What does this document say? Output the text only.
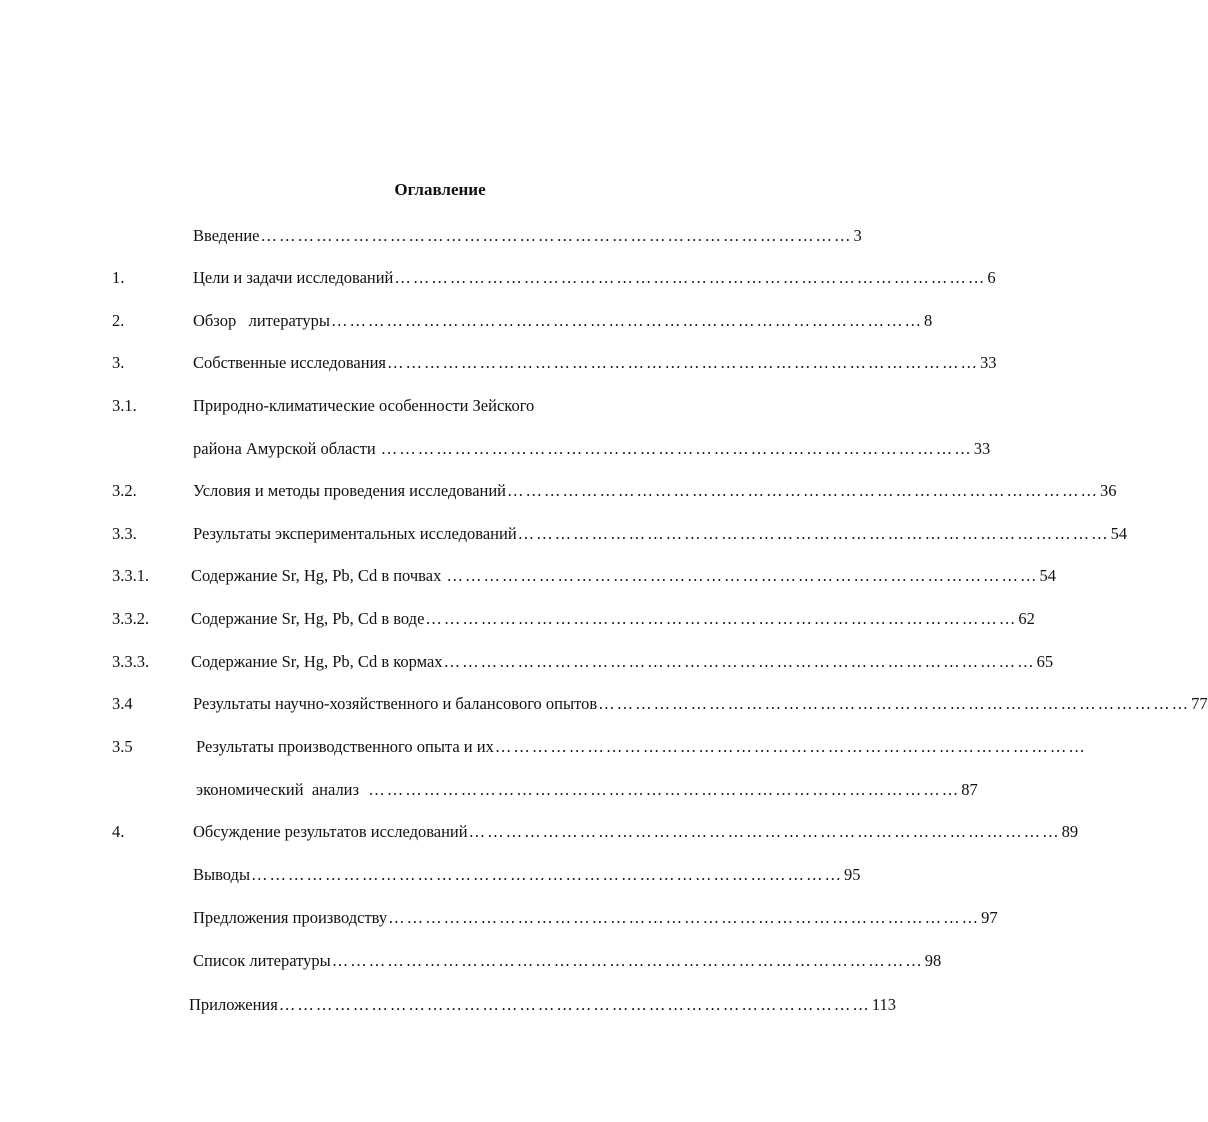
Оглавление
Введение …………………………………………………………………………………… 3
1.	Цели и задачи исследований …………………………………………………………………………………… 6
2.	Обзор   литературы …………………………………………………………………………………… 8
3.	Собственные исследования …………………………………………………………………………………… 33
3.1.	Природно-климатические особенности Зейского
района Амурской области …………………………………………………………………………………… 33
3.2.	Условия и методы проведения исследований …………………………………………………………………………………… 36
3.3.	Результаты экспериментальных исследований …………………………………………………………………………………… 54
3.3.1.	Содержание Sr, Hg, Pb, Cd в почвах …………………………………………………………………………………… 54
3.3.2.	Содержание Sr, Hg, Pb, Cd в воде …………………………………………………………………………………… 62
3.3.3.	Содержание Sr, Hg, Pb, Cd в кормах …………………………………………………………………………………… 65
3.4	Результаты научно-хозяйственного и балансового опытов …………………………………………………………………………………… 77
3.5	Результаты производственного опыта и их ……………………………………………………………………………………
экономический  анализ …………………………………………………………………………………… 87
4.	Обсуждение результатов исследований …………………………………………………………………………………… 89
Выводы …………………………………………………………………………………… 95
Предложения производству …………………………………………………………………………………… 97
Список литературы …………………………………………………………………………………… 98
Приложения …………………………………………………………………………………… 113
